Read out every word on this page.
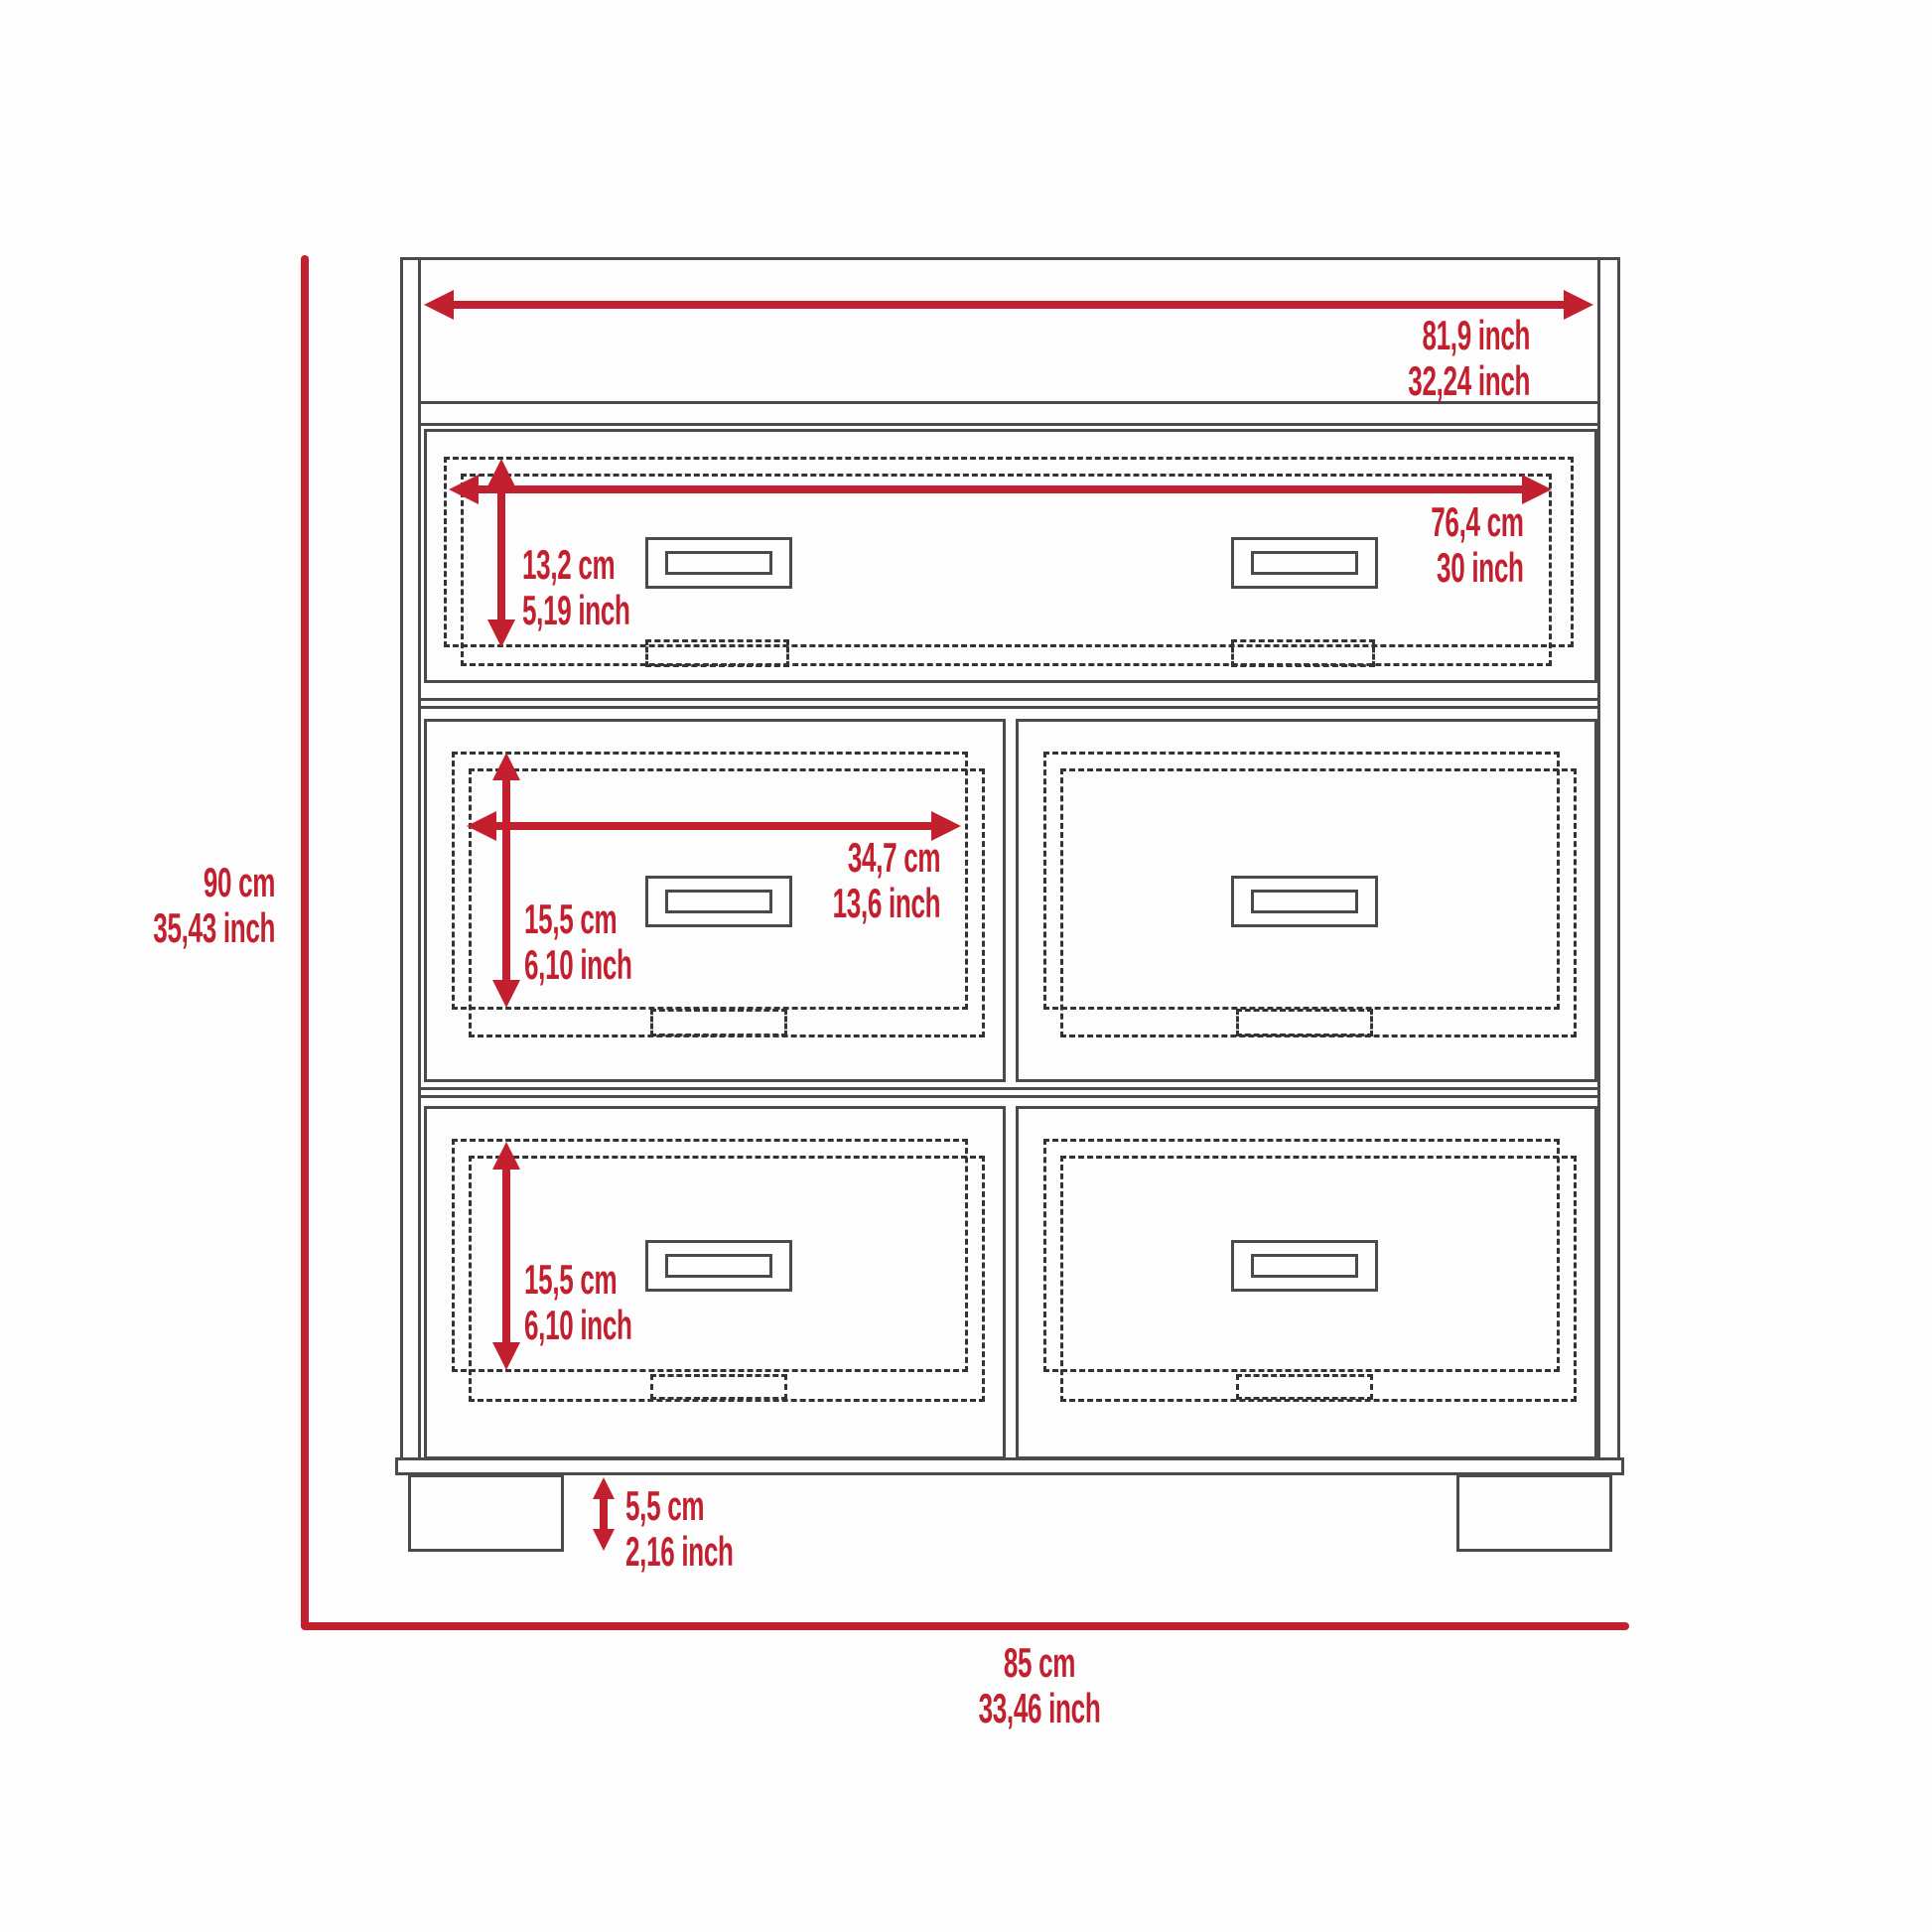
81,9 inch
32,24 inch
76,4 cm
30 inch
13,2 cm
5,19 inch
34,7 cm
13,6 inch
15,5 cm
6,10 inch
15,5 cm
6,10 inch
5,5 cm
2,16 inch
90 cm
35,43 inch
85 cm
33,46 inch
